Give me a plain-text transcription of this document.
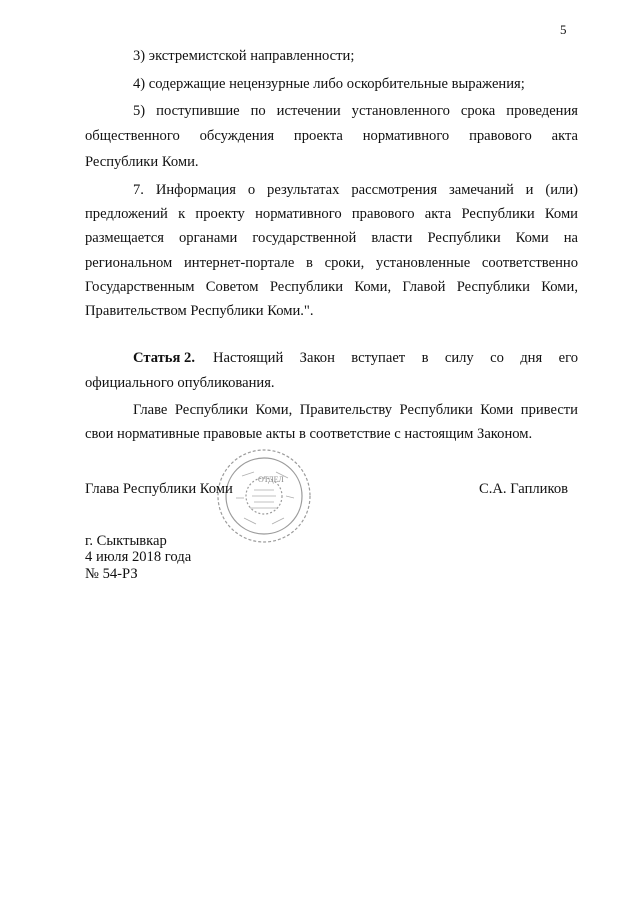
5
3) экстремистской направленности;
4) содержащие нецензурные либо оскорбительные выражения;
5) поступившие по истечении установленного срока проведения
общественного обсуждения проекта нормативного правового акта
Республики Коми.
7. Информация о результатах рассмотрения замечаний и (или)
предложений к проекту нормативного правового акта Республики Коми
размещается органами государственной власти Республики Коми на
региональном интернет-портале в сроки, установленные соответственно
Государственным Советом Республики Коми, Главой Республики Коми,
Правительством Республики Коми.".
Статья 2. Настоящий Закон вступает в силу со дня его
официального опубликования.
Главе Республики Коми, Правительству Республики Коми привести
свои нормативные правовые акты в соответствие с настоящим Законом.
ОТДЕЛ
Глава Республики Коми	С.А. Гапликов
г. Сыктывкар
4 июля 2018 года
№ 54-РЗ
